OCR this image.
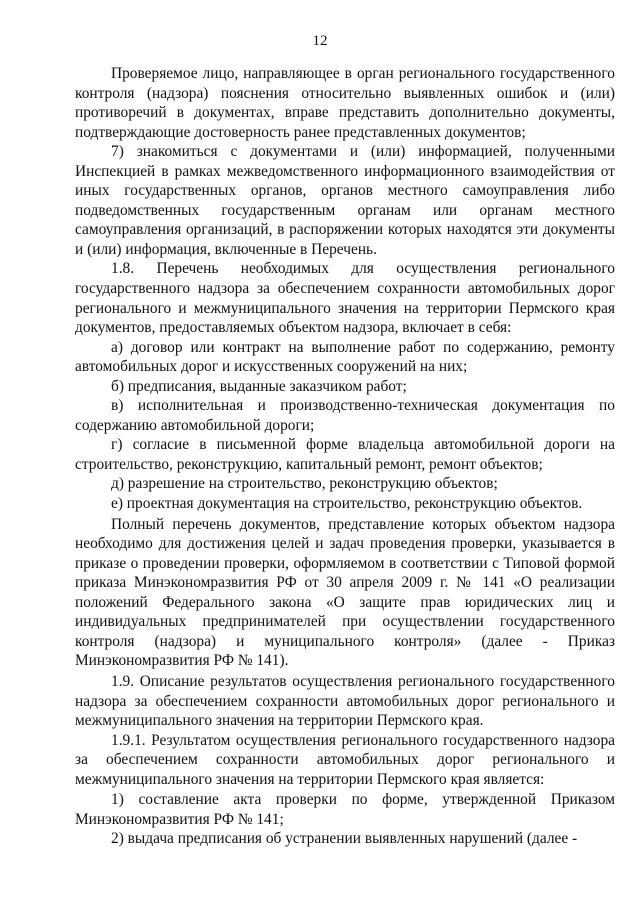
12

Проверяемое лицо, направляющее в орган регионального государственного контроля (надзора) пояснения относительно выявленных ошибок и (или) противоречий в документах, вправе представить дополнительно документы, подтверждающие достоверность ранее представленных документов;

7) знакомиться с документами и (или) информацией, полученными Инспекцией в рамках межведомственного информационного взаимодействия от иных государственных органов, органов местного самоуправления либо подведомственных государственным органам или органам местного самоуправления организаций, в распоряжении которых находятся эти документы и (или) информация, включенные в Перечень.

1.8. Перечень необходимых для осуществления регионального государственного надзора за обеспечением сохранности автомобильных дорог регионального и межмуниципального значения на территории Пермского края документов, предоставляемых объектом надзора, включает в себя:

а) договор или контракт на выполнение работ по содержанию, ремонту автомобильных дорог и искусственных сооружений на них;

б) предписания, выданные заказчиком работ;

в) исполнительная и производственно-техническая документация по содержанию автомобильной дороги;

г) согласие в письменной форме владельца автомобильной дороги на строительство, реконструкцию, капитальный ремонт, ремонт объектов;

д) разрешение на строительство, реконструкцию объектов;

е) проектная документация на строительство, реконструкцию объектов.

Полный перечень документов, представление которых объектом надзора необходимо для достижения целей и задач проведения проверки, указывается в приказе о проведении проверки, оформляемом в соответствии с Типовой формой приказа Минэкономразвития РФ от 30 апреля 2009 г. № 141 «О реализации положений Федерального закона «О защите прав юридических лиц и индивидуальных предпринимателей при осуществлении государственного контроля (надзора) и муниципального контроля» (далее - Приказ Минэкономразвития РФ № 141).

1.9. Описание результатов осуществления регионального государственного надзора за обеспечением сохранности автомобильных дорог регионального и межмуниципального значения на территории Пермского края.

1.9.1. Результатом осуществления регионального государственного надзора за обеспечением сохранности автомобильных дорог регионального и межмуниципального значения на территории Пермского края является:

1) составление акта проверки по форме, утвержденной Приказом Минэкономразвития РФ № 141;

2) выдача предписания об устранении выявленных нарушений (далее -
